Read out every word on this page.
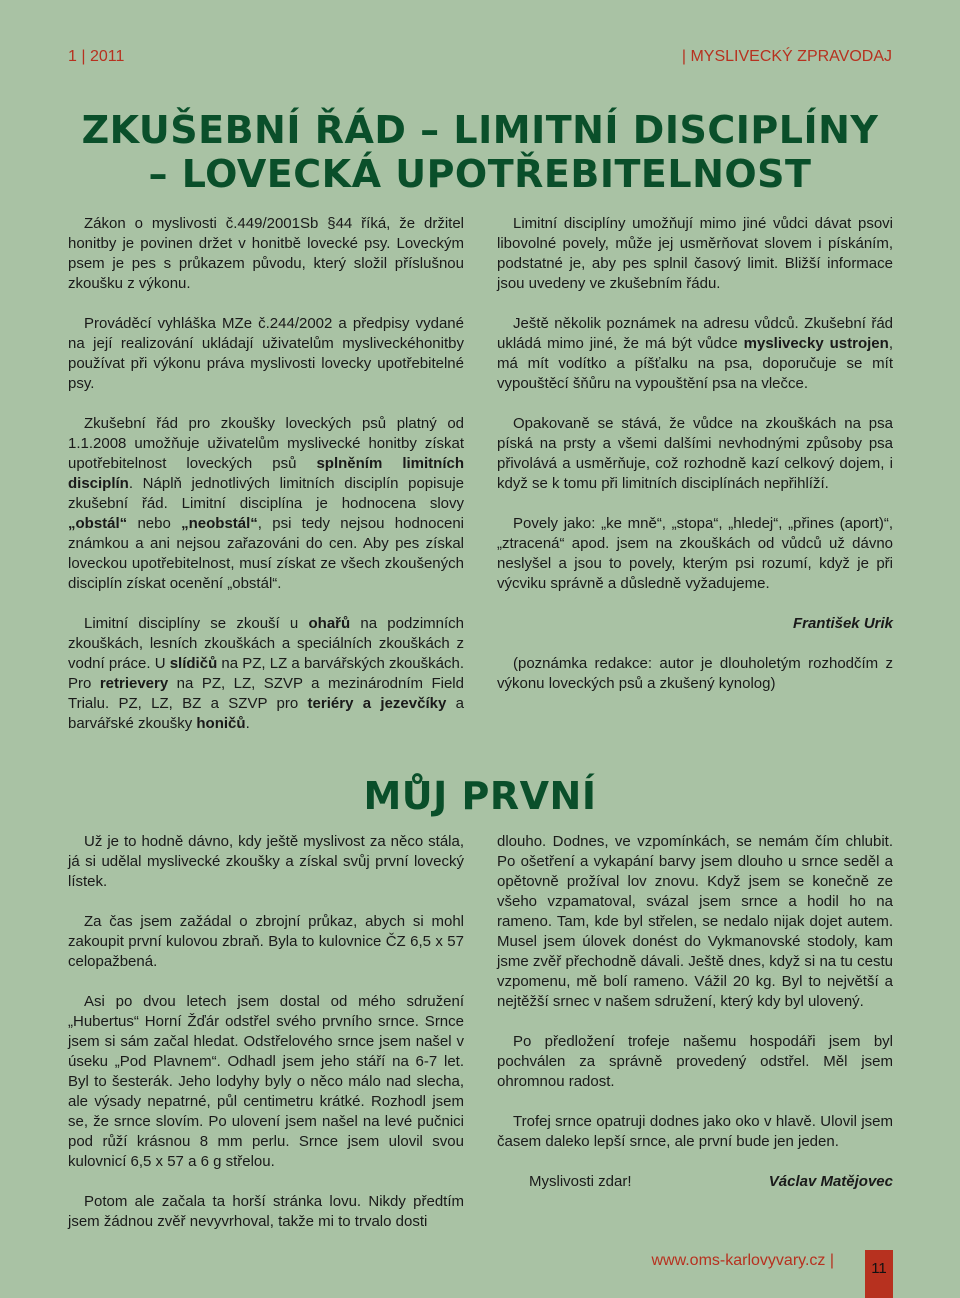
1 | 2011	| MYSLIVECKÝ ZPRAVODAJ
ZKUŠEBNÍ ŘÁD – LIMITNÍ DISCIPLÍNY
– LOVECKÁ UPOTŘEBITELNOST

Zákon o myslivosti č.449/2001Sb §44 říká, že držitel honitby je povinen držet v honitbě lovecké psy. Loveckým psem je pes s průkazem původu, který složil příslušnou zkoušku z výkonu.

Prováděcí vyhláška MZe č.244/2002 a předpisy vydané na její realizování ukládají uživatelům mysliveckéhonitby používat při výkonu práva myslivosti lovecky upotřebitelné psy.

Zkušební řád pro zkoušky loveckých psů platný od 1.1.2008 umožňuje uživatelům myslivecké honitby získat upotřebitelnost loveckých psů splněním limitních disciplín. Náplň jednotlivých limitních disciplín popisuje zkušební řád. Limitní disciplína je hodnocena slovy „obstál“ nebo „neobstál“, psi tedy nejsou hodnoceni známkou a ani nejsou zařazováni do cen. Aby pes získal loveckou upotřebitelnost, musí získat ze všech zkoušených disciplín získat ocenění „obstál“.

Limitní disciplíny se zkouší u ohařů na podzimních zkouškách, lesních zkouškách a speciálních zkouškách z vodní práce. U slídičů na PZ, LZ a barvářských zkouškách. Pro retrievery na PZ, LZ, SZVP a mezinárodním Field Trialu. PZ, LZ, BZ a SZVP pro teriéry a jezevčíky a barvářské zkoušky honičů.

Limitní disciplíny umožňují mimo jiné vůdci dávat psovi libovolné povely, může jej usměrňovat slovem i pískáním, podstatné je, aby pes splnil časový limit. Bližší informace jsou uvedeny ve zkušebním řádu.

Ještě několik poznámek na adresu vůdců. Zkušební řád ukládá mimo jiné, že má být vůdce myslivecky ustrojen, má mít vodítko a píšťalku na psa, doporučuje se mít vypouštěcí šňůru na vypouštění psa na vlečce.

Opakovaně se stává, že vůdce na zkouškách na psa píská na prsty a všemi dalšími nevhodnými způsoby psa přivolává a usměrňuje, což rozhodně kazí celkový dojem, i když se k tomu při limitních disciplínách nepřihlíží.

Povely jako: „ke mně“, „stopa“, „hledej“, „přines (aport)“, „ztracená“ apod. jsem na zkouškách od vůdců už dávno neslyšel a jsou to povely, kterým psi rozumí, když je při výcviku správně a důsledně vyžadujeme.

František Urik

(poznámka redakce: autor je dlouholetým rozhodčím z výkonu loveckých psů a zkušený kynolog)

MŮJ PRVNÍ

Už je to hodně dávno, kdy ještě myslivost za něco stála, já si udělal myslivecké zkoušky a získal svůj první lovecký lístek.

Za čas jsem zažádal o zbrojní průkaz, abych si mohl zakoupit první kulovou zbraň. Byla to kulovnice ČZ 6,5 x 57 celopažbená.

Asi po dvou letech jsem dostal od mého sdružení „Hubertus“ Horní Žďár odstřel svého prvního srnce. Srnce jsem si sám začal hledat. Odstřelového srnce jsem našel v úseku „Pod Plavnem“. Odhadl jsem jeho stáří na 6-7 let. Byl to šesterák. Jeho lodyhy byly o něco málo nad slecha, ale výsady nepatrné, půl centimetru krátké. Rozhodl jsem se, že srnce slovím. Po ulovení jsem našel na levé pučnici pod růží krásnou 8 mm perlu. Srnce jsem ulovil svou kulovnicí 6,5 x 57 a 6 g střelou.

Potom ale začala ta horší stránka lovu. Nikdy předtím jsem žádnou zvěř nevyvrhoval, takže mi to trvalo dosti

dlouho. Dodnes, ve vzpomínkách, se nemám čím chlubit. Po ošetření a vykapání barvy jsem dlouho u srnce seděl a opětovně prožíval lov znovu. Když jsem se konečně ze všeho vzpamatoval, svázal jsem srnce a hodil ho na rameno. Tam, kde byl střelen, se nedalo nijak dojet autem. Musel jsem úlovek donést do Vykmanovské stodoly, kam jsme zvěř přechodně dávali. Ještě dnes, když si na tu cestu vzpomenu, mě bolí rameno. Vážil 20 kg. Byl to největší a nejtěžší srnec v našem sdružení, který kdy byl ulovený.

Po předložení trofeje našemu hospodáři jsem byl pochválen za správně provedený odstřel. Měl jsem ohromnou radost.

Trofej srnce opatruji dodnes jako oko v hlavě. Ulovil jsem časem daleko lepší srnce, ale první bude jen jeden.

Myslivosti zdar!	Václav Matějovec

www.oms-karlovyvary.cz |	11
